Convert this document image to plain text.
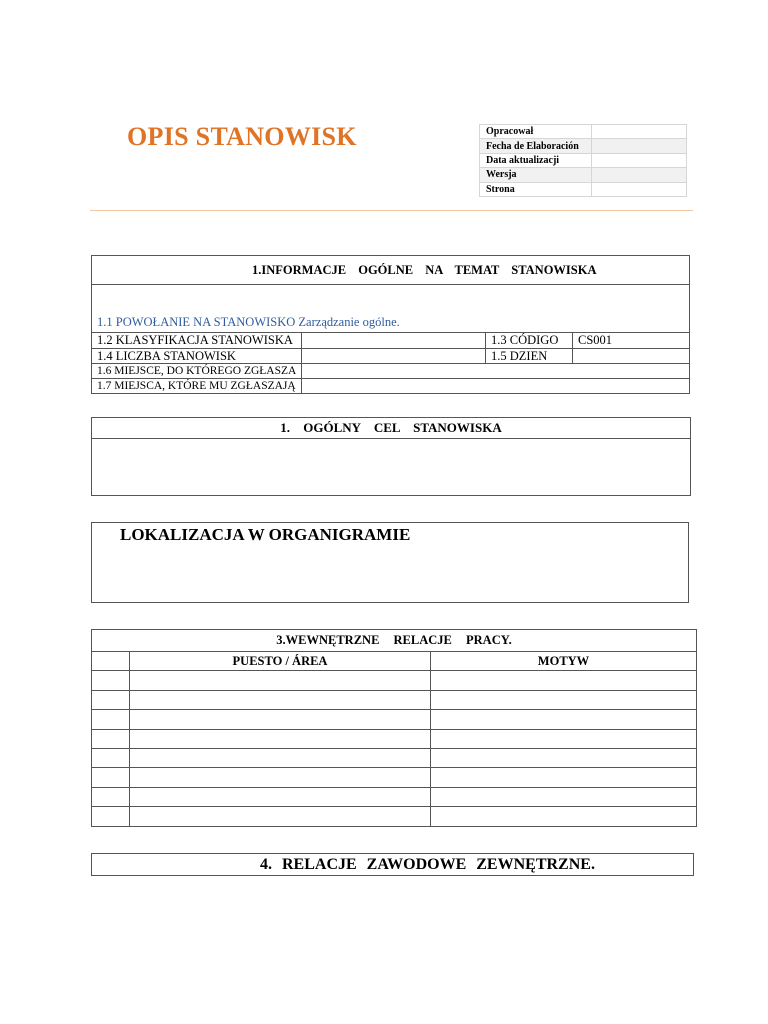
OPIS STANOWISK	Opracował	
Fecha de Elaboración	
Data aktualizacji	
Wersja	
Strona	
1.INFORMACJE OGÓLNE NA TEMAT STANOWISKA			
1.1 POWOŁANIE NA STANOWISKO Zarządzanie ogólne.			
1.2 KLASYFIKACJA STANOWISKA		1.3 CÓDIGO	CS001
1.4 LICZBA STANOWISK		1.5 DZIEN	
1.6 MIEJSCE, DO KTÓREGO ZGŁASZA			
1.7 MIEJSCA, KTÓRE MU ZGŁASZAJĄ			
1. OGÓLNY CEL STANOWISKA
LOKALIZACJA W ORGANIGRAMIE
3.WEWNĘTRZNE RELACJE PRACY.		
	PUESTO / ÁREA	MOTYW

4. RELACJE ZAWODOWE ZEWNĘTRZNE.
